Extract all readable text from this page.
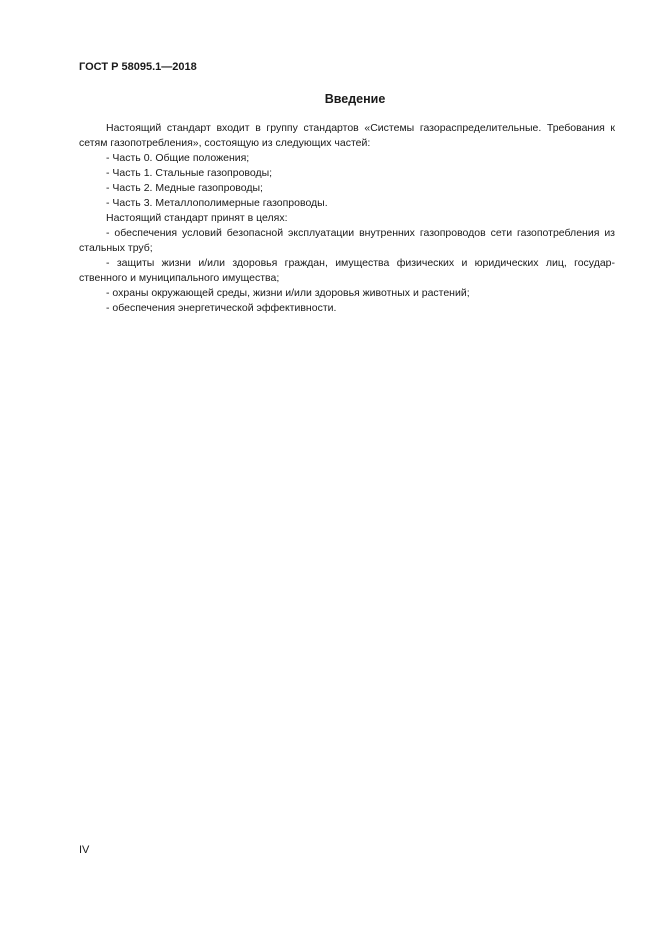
ГОСТ Р 58095.1—2018
Введение

Настоящий стандарт входит в группу стандартов «Системы газораспределительные. Требования к сетям газопотребления», состоящую из следующих частей:

- Часть 0. Общие положения;

- Часть 1. Стальные газопроводы;

- Часть 2. Медные газопроводы;

- Часть 3. Металлополимерные газопроводы.

Настоящий стандарт принят в целях:

- обеспечения условий безопасной эксплуатации внутренних газопроводов сети газопотребления из стальных труб;

- защиты жизни и/или здоровья граждан, имущества физических и юридических лиц, государ- ственного и муниципального имущества;

- охраны окружающей среды, жизни и/или здоровья животных и растений;

- обеспечения энергетической эффективности.

IV
